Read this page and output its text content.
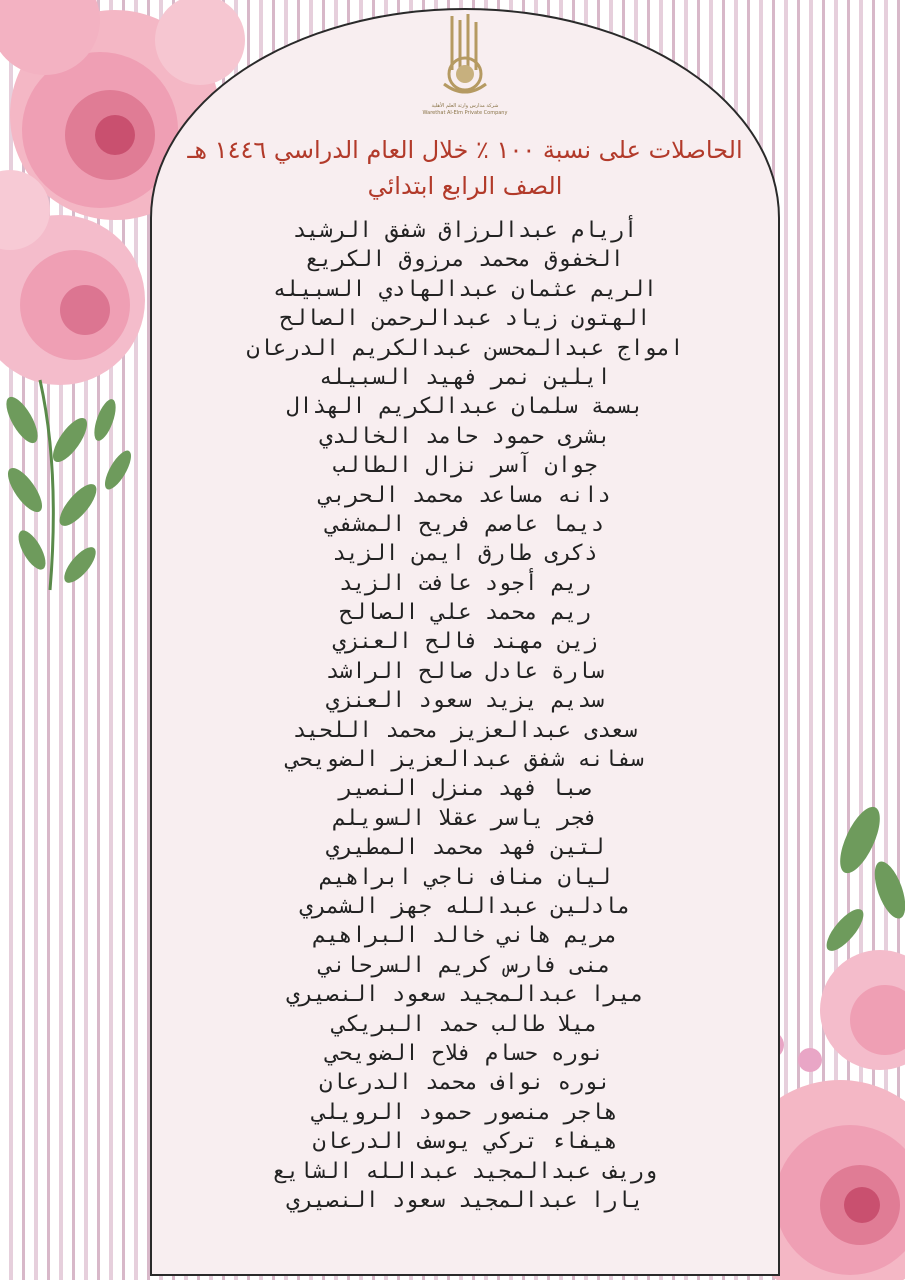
شركة مدارس وارثة العلم الأهلية
Warethat Al-Elm Private Company
الحاصلات على نسبة ١٠٠ ٪ خلال العام الدراسي ١٤٤٦ هـ
الصف الرابع ابتدائي
أريام عبدالرزاق شفق الرشيد
الخفوق محمد مرزوق الكريع
الريم عثمان عبدالهادي السبيله
الهتون زياد عبدالرحمن الصالح
امواج عبدالمحسن عبدالكريم الدرعان
ايلين نمر فهيد السبيله
بسمة سلمان عبدالكريم الهذال
بشرى حمود حامد الخالدي
جوان آسر نزال الطالب
دانه مساعد محمد الحربي
ديما عاصم فريح المشفي
ذكرى طارق ايمن الزيد
ريم أجود عافت الزيد
ريم محمد علي الصالح
زين مهند فالح العنزي
سارة عادل صالح الراشد
سديم يزيد سعود العنزي
سعدى عبدالعزيز محمد اللحيد
سفانه شفق عبدالعزيز الضويحي
صبا فهد منزل النصير
فجر ياسر عقلا السويلم
لتين فهد محمد المطيري
ليان مناف ناجي ابراهيم
مادلين عبدالله جهز الشمري
مريم هاني خالد البراهيم
منى فارس كريم السرحاني
ميرا عبدالمجيد سعود النصيري
ميلا طالب حمد البريكي
نوره حسام فلاح الضويحي
نوره نواف محمد الدرعان
هاجر منصور حمود الرويلي
هيفاء تركي يوسف الدرعان
وريف عبدالمجيد عبدالله الشايع
يارا عبدالمجيد سعود النصيري
